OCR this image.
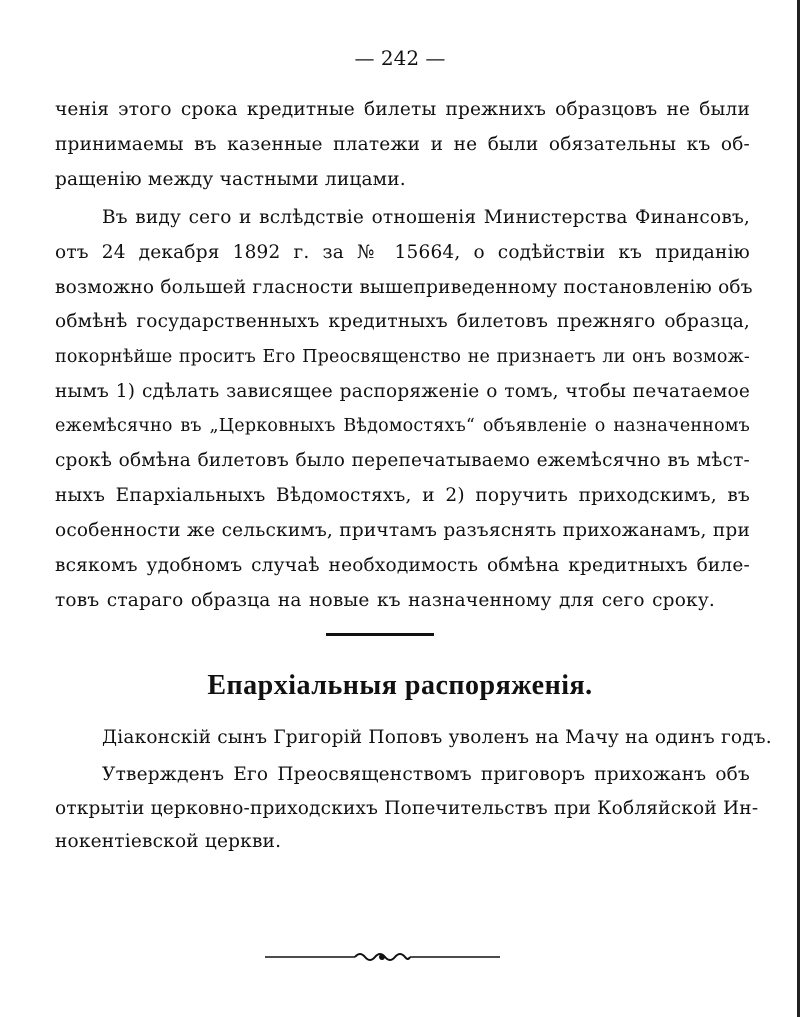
— 242 —
ченія этого срока кредитные билеты прежнихъ образцовъ не были
принимаемы въ казенные платежи и не были обязательны къ об-
ращенію между частными лицами.
Въ виду сего и вслѣдствіе отношенія Министерства Финансовъ,
отъ 24 декабря 1892 г. за № 15664, о содѣйствіи къ приданію
возможно большей гласности вышеприведенному постановленію объ
обмѣнѣ государственныхъ кредитныхъ билетовъ прежняго образца,
покорнѣйше проситъ Его Преосвященство не признаетъ ли онъ возмож-
нымъ 1) сдѣлать зависящее распоряженіе о томъ, чтобы печатаемое
ежемѣсячно въ „Церковныхъ Вѣдомостяхъ“ объявленіе о назначенномъ
срокѣ обмѣна билетовъ было перепечатываемо ежемѣсячно въ мѣст-
ныхъ Епархіальныхъ Вѣдомостяхъ, и 2) поручить приходскимъ, въ
особенности же сельскимъ, причтамъ разъяснять прихожанамъ, при
всякомъ удобномъ случаѣ необходимость обмѣна кредитныхъ биле-
товъ стараго образца на новые къ назначенному для сего сроку.
Епархіальныя распоряженія.
Діаконскій сынъ Григорій Поповъ уволенъ на Мачу на одинъ годъ.
Утвержденъ Его Преосвященствомъ приговоръ прихожанъ объ
открытіи церковно-приходскихъ Попечительствъ при Кобляйской Ин-
нокентіевской церкви.
